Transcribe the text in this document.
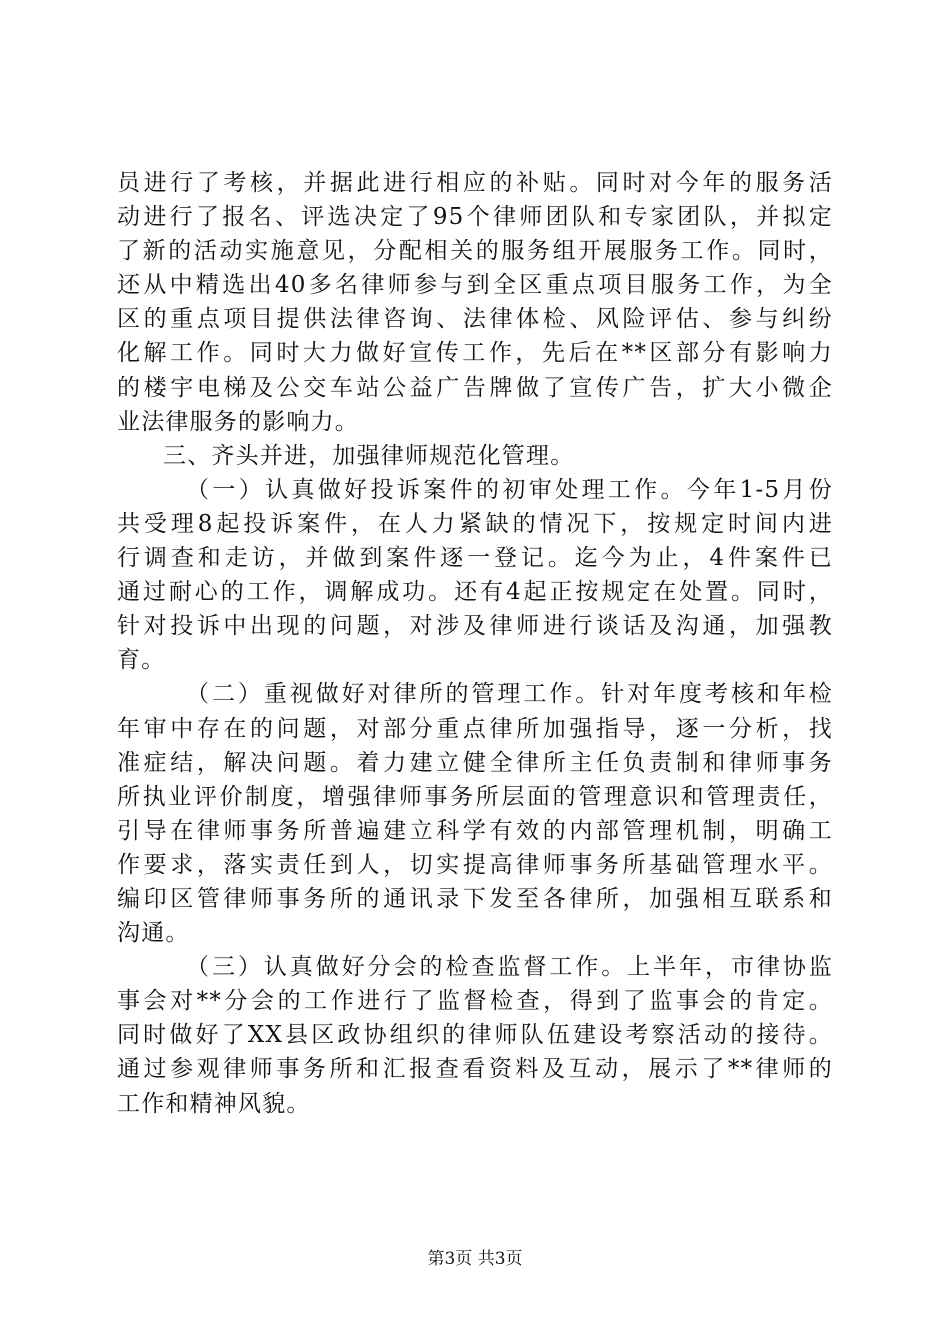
员进行了考核，并据此进行相应的补贴。同时对今年的服务活
动进行了报名、评选决定了95个律师团队和专家团队，并拟定
了新的活动实施意见，分配相关的服务组开展服务工作。同时，
还从中精选出40多名律师参与到全区重点项目服务工作，为全
区的重点项目提供法律咨询、法律体检、风险评估、参与纠纷
化解工作。同时大力做好宣传工作，先后在**区部分有影响力
的楼宇电梯及公交车站公益广告牌做了宣传广告，扩大小微企
业法律服务的影响力。
三、齐头并进，加强律师规范化管理。
（一）认真做好投诉案件的初审处理工作。今年1-5月份
共受理8起投诉案件，在人力紧缺的情况下，按规定时间内进
行调查和走访，并做到案件逐一登记。迄今为止，4件案件已
通过耐心的工作，调解成功。还有4起正按规定在处置。同时，
针对投诉中出现的问题，对涉及律师进行谈话及沟通，加强教
育。
（二）重视做好对律所的管理工作。针对年度考核和年检
年审中存在的问题，对部分重点律所加强指导，逐一分析，找
准症结，解决问题。着力建立健全律所主任负责制和律师事务
所执业评价制度，增强律师事务所层面的管理意识和管理责任，
引导在律师事务所普遍建立科学有效的内部管理机制，明确工
作要求，落实责任到人，切实提高律师事务所基础管理水平。
编印区管律师事务所的通讯录下发至各律所，加强相互联系和
沟通。
（三）认真做好分会的检查监督工作。上半年，市律协监
事会对**分会的工作进行了监督检查，得到了监事会的肯定。
同时做好了XX县区政协组织的律师队伍建设考察活动的接待。
通过参观律师事务所和汇报查看资料及互动，展示了**律师的
工作和精神风貌。
第3页 共3页
